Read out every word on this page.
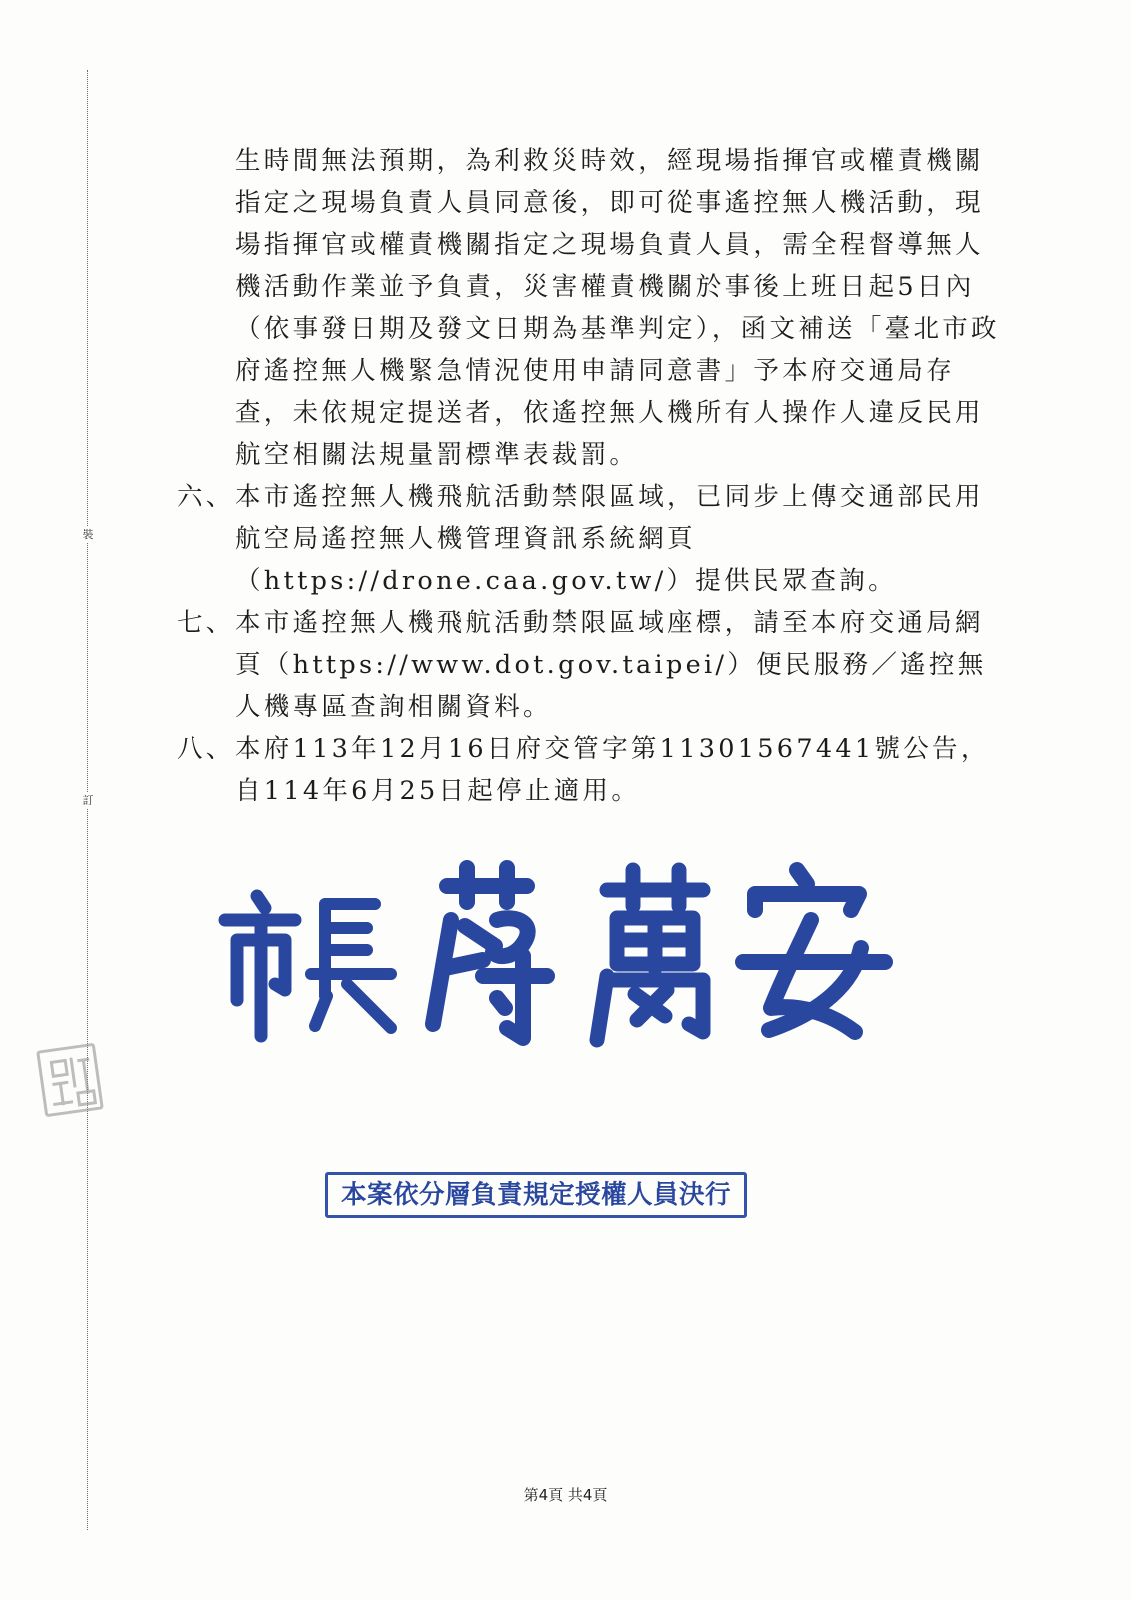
裝
訂

生時間無法預期，為利救災時效，經現場指揮官或權責機關指定之現場負責人員同意後，即可從事遙控無人機活動，現場指揮官或權責機關指定之現場負責人員，需全程督導無人機活動作業並予負責，災害權責機關於事後上班日起5日內（依事發日期及發文日期為基準判定），函文補送「臺北市政府遙控無人機緊急情況使用申請同意書」予本府交通局存查，未依規定提送者，依遙控無人機所有人操作人違反民用航空相關法規量罰標準表裁罰。

六、 本市遙控無人機飛航活動禁限區域，已同步上傳交通部民用航空局遙控無人機管理資訊系統網頁（https://drone.caa.gov.tw/）提供民眾查詢。
七、 本市遙控無人機飛航活動禁限區域座標，請至本府交通局網頁（https://www.dot.gov.taipei/）便民服務／遙控無人機專區查詢相關資料。
八、 本府113年12月16日府交管字第11301567441號公告，自114年6月25日起停止適用。
本案依分層負責規定授權人員決行
第4頁 共4頁
